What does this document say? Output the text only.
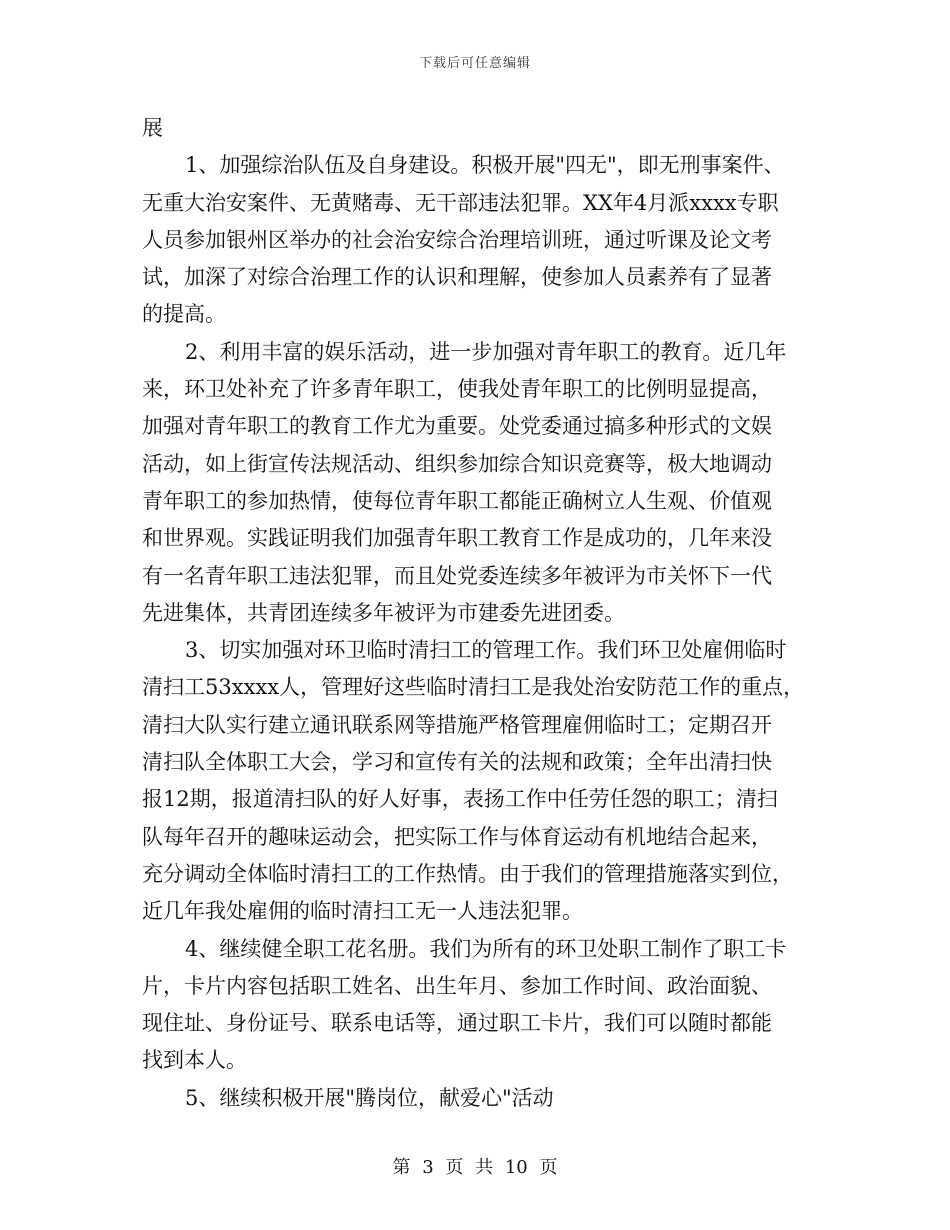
下载后可任意编辑
展
1、加强综治队伍及自身建设。积极开展"四无"，即无刑事案件、
无重大治安案件、无黄赌毒、无干部违法犯罪。XX年4月派xxxx专职
人员参加银州区举办的社会治安综合治理培训班，通过听课及论文考
试，加深了对综合治理工作的认识和理解，使参加人员素养有了显著
的提高。
2、利用丰富的娱乐活动，进一步加强对青年职工的教育。近几年
来，环卫处补充了许多青年职工，使我处青年职工的比例明显提高，
加强对青年职工的教育工作尤为重要。处党委通过搞多种形式的文娱
活动，如上街宣传法规活动、组织参加综合知识竞赛等，极大地调动
青年职工的参加热情，使每位青年职工都能正确树立人生观、价值观
和世界观。实践证明我们加强青年职工教育工作是成功的，几年来没
有一名青年职工违法犯罪，而且处党委连续多年被评为市关怀下一代
先进集体，共青团连续多年被评为市建委先进团委。
3、切实加强对环卫临时清扫工的管理工作。我们环卫处雇佣临时
清扫工53xxxx人，管理好这些临时清扫工是我处治安防范工作的重点，
清扫大队实行建立通讯联系网等措施严格管理雇佣临时工；定期召开
清扫队全体职工大会，学习和宣传有关的法规和政策；全年出清扫快
报12期，报道清扫队的好人好事，表扬工作中任劳任怨的职工；清扫
队每年召开的趣味运动会，把实际工作与体育运动有机地结合起来，
充分调动全体临时清扫工的工作热情。由于我们的管理措施落实到位，
近几年我处雇佣的临时清扫工无一人违法犯罪。
4、继续健全职工花名册。我们为所有的环卫处职工制作了职工卡
片，卡片内容包括职工姓名、出生年月、参加工作时间、政治面貌、
现住址、身份证号、联系电话等，通过职工卡片，我们可以随时都能
找到本人。
5、继续积极开展"腾岗位，献爱心"活动
第 3 页 共 10 页
